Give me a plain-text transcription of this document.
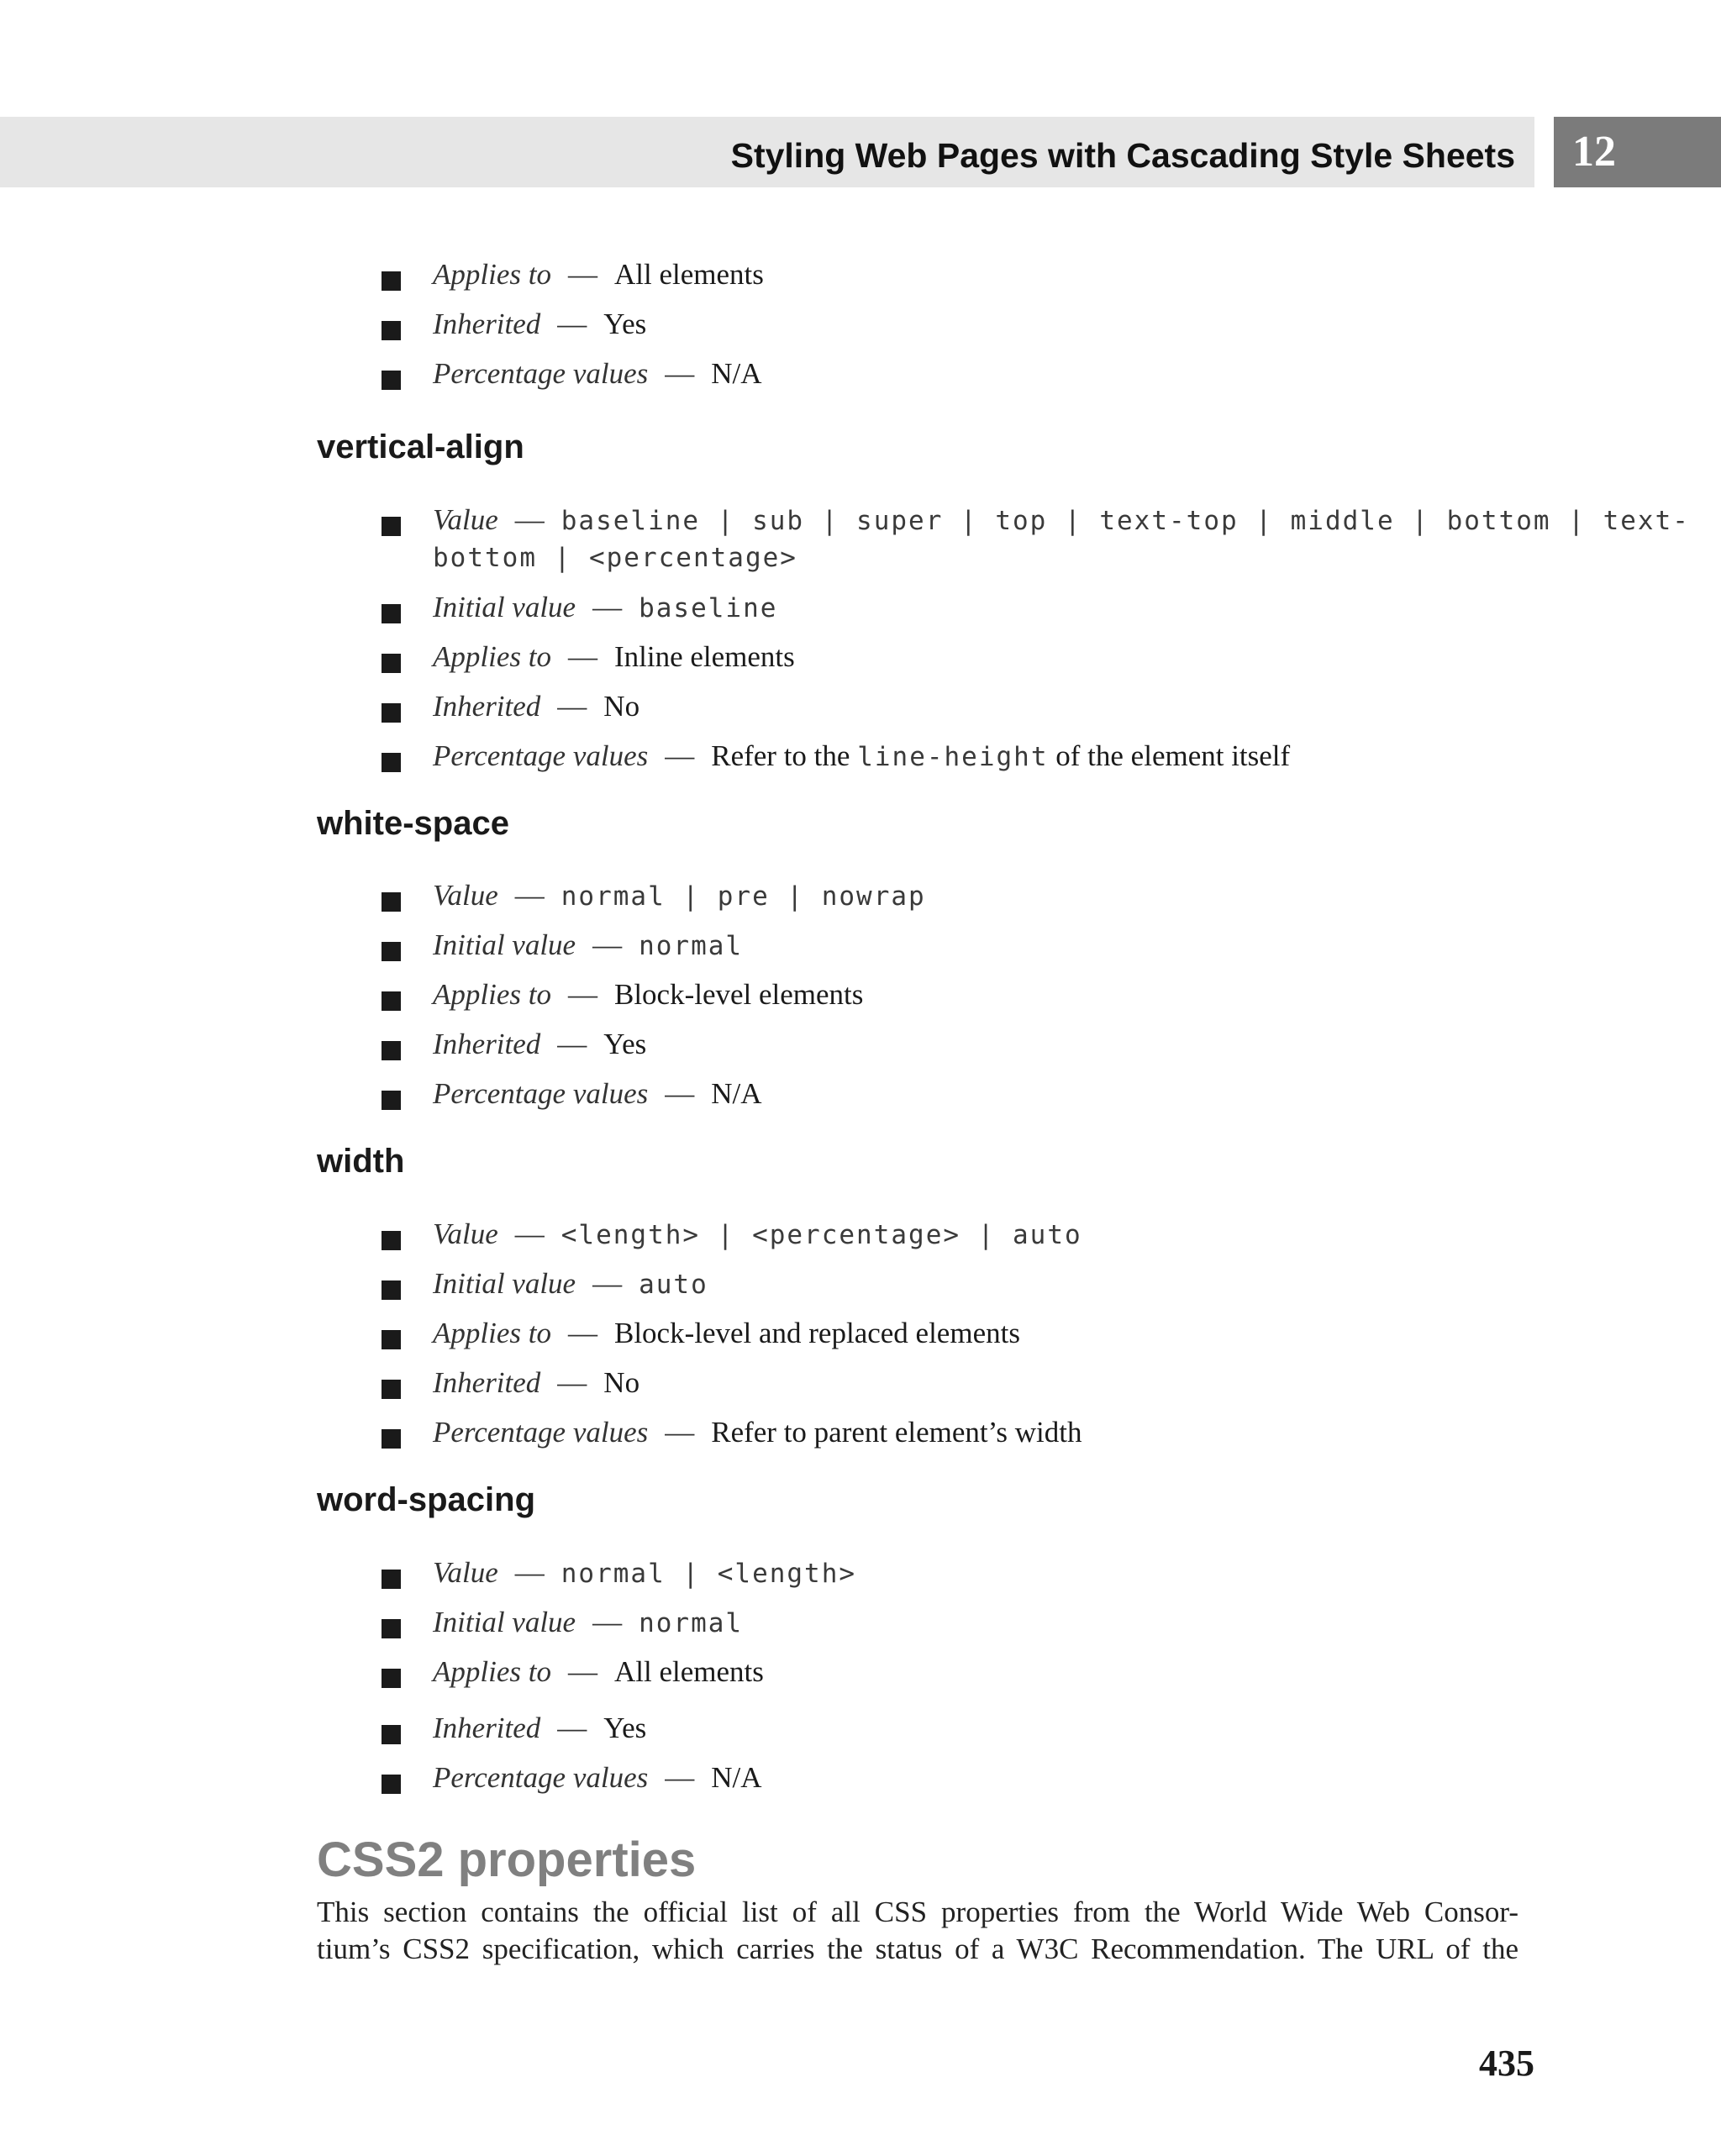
Styling Web Pages with Cascading Style Sheets 12
Applies to — All elements
Inherited — Yes
Percentage values — N/A
vertical-align
Value — baseline | sub | super | top | text-top | middle | bottom | text-
bottom | <percentage>
Initial value — baseline
Applies to — Inline elements
Inherited — No
Percentage values — Refer to the line-height of the element itself
white-space
Value — normal | pre | nowrap
Initial value — normal
Applies to — Block-level elements
Inherited — Yes
Percentage values — N/A
width
Value — <length> | <percentage> | auto
Initial value — auto
Applies to — Block-level and replaced elements
Inherited — No
Percentage values — Refer to parent element’s width
word-spacing
Value — normal | <length>
Initial value — normal
Applies to — All elements
Inherited — Yes
Percentage values — N/A
CSS2 properties
This section contains the official list of all CSS properties from the World Wide Web Consor-
tium’s CSS2 specification, which carries the status of a W3C Recommendation. The URL of the
435
